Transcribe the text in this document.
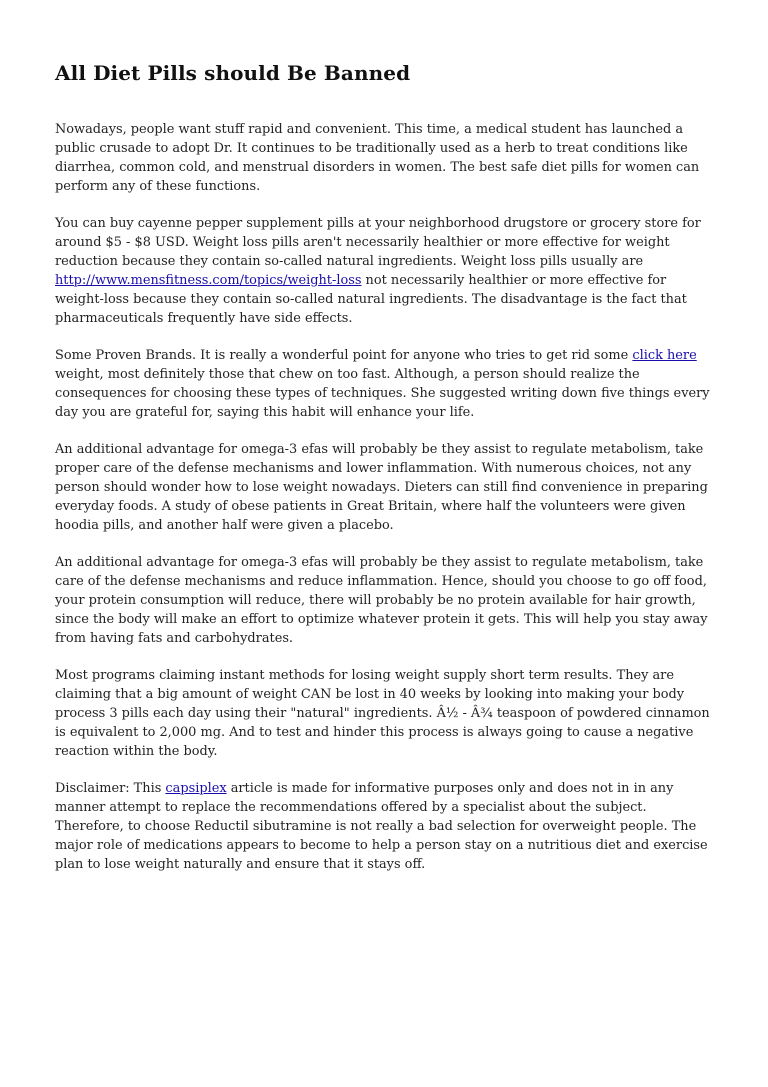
All Diet Pills should Be Banned

Nowadays, people want stuff rapid and convenient. This time, a medical student has launched a public crusade to adopt Dr. It continues to be traditionally used as a herb to treat conditions like diarrhea, common cold, and menstrual disorders in women. The best safe diet pills for women can perform any of these functions.

You can buy cayenne pepper supplement pills at your neighborhood drugstore or grocery store for around $5 - $8 USD. Weight loss pills aren't necessarily healthier or more effective for weight reduction because they contain so-called natural ingredients. Weight loss pills usually are http://www.mensfitness.com/topics/weight-loss not necessarily healthier or more effective for weight-loss because they contain so-called natural ingredients. The disadvantage is the fact that pharmaceuticals frequently have side effects.

Some Proven Brands. It is really a wonderful point for anyone who tries to get rid some click here weight, most definitely those that chew on too fast. Although, a person should realize the consequences for choosing these types of techniques. She suggested writing down five things every day you are grateful for, saying this habit will enhance your life.

An additional advantage for omega-3 efas will probably be they assist to regulate metabolism, take proper care of the defense mechanisms and lower inflammation. With numerous choices, not any person should wonder how to lose weight nowadays. Dieters can still find convenience in preparing everyday foods. A study of obese patients in Great Britain, where half the volunteers were given hoodia pills, and another half were given a placebo.

An additional advantage for omega-3 efas will probably be they assist to regulate metabolism, take care of the defense mechanisms and reduce inflammation. Hence, should you choose to go off food, your protein consumption will reduce, there will probably be no protein available for hair growth, since the body will make an effort to optimize whatever protein it gets. This will help you stay away from having fats and carbohydrates.

Most programs claiming instant methods for losing weight supply short term results. They are claiming that a big amount of weight CAN be lost in 40 weeks by looking into making your body process 3 pills each day using their "natural" ingredients. Â½ - Â¾ teaspoon of powdered cinnamon is equivalent to 2,000 mg. And to test and hinder this process is always going to cause a negative reaction within the body.

Disclaimer: This capsiplex article is made for informative purposes only and does not in in any manner attempt to replace the recommendations offered by a specialist about the subject. Therefore, to choose Reductil sibutramine is not really a bad selection for overweight people. The major role of medications appears to become to help a person stay on a nutritious diet and exercise plan to lose weight naturally and ensure that it stays off.
